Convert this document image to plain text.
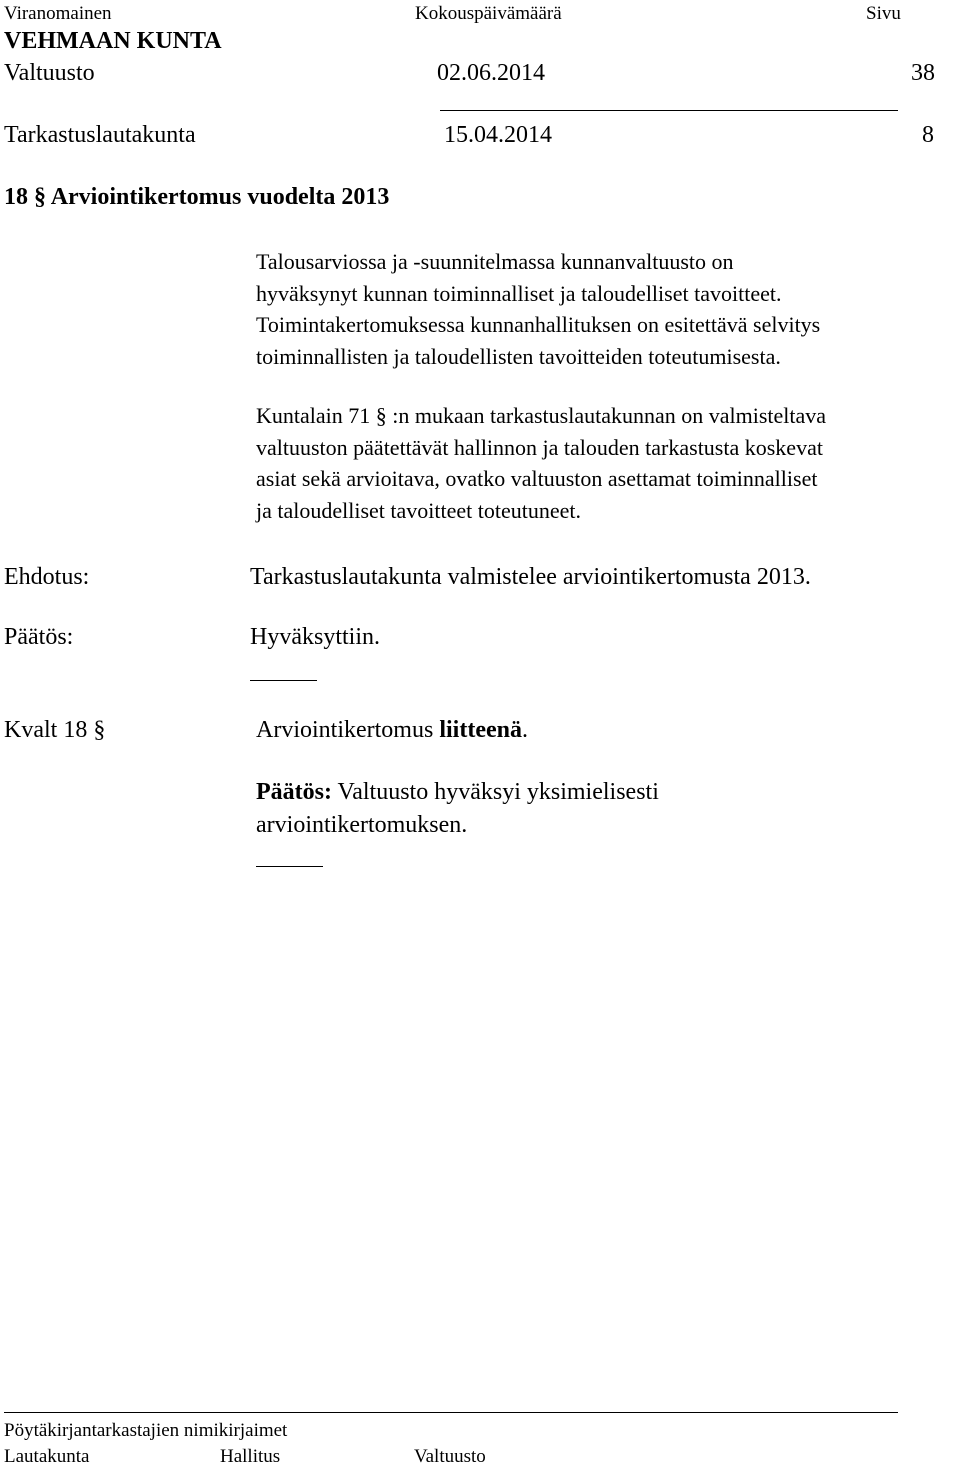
Viranomainen	Kokouspäivämäärä	Sivu
VEHMAAN KUNTA
Valtuusto	02.06.2014	38
Tarkastuslautakunta	15.04.2014	8
18 § Arviointikertomus vuodelta 2013
Talousarviossa ja -suunnitelmassa kunnanvaltuusto on
hyväksynyt kunnan toiminnalliset ja taloudelliset tavoitteet.
Toimintakertomuksessa kunnanhallituksen on esitettävä selvitys
toiminnallisten ja taloudellisten tavoitteiden toteutumisesta.
Kuntalain 71 § :n mukaan tarkastuslautakunnan on valmisteltava
valtuuston päätettävät hallinnon ja talouden tarkastusta koskevat
asiat sekä arvioitava, ovatko valtuuston asettamat toiminnalliset
ja taloudelliset tavoitteet toteutuneet.
Ehdotus:	Tarkastuslautakunta valmistelee arviointikertomusta 2013.
Päätös:	Hyväksyttiin.
Kvalt 18 §	Arviointikertomus liitteenä.
Päätös: Valtuusto hyväksyi yksimielisesti
arviointikertomuksen.
Pöytäkirjantarkastajien nimikirjaimet
Lautakunta	Hallitus	Valtuusto
